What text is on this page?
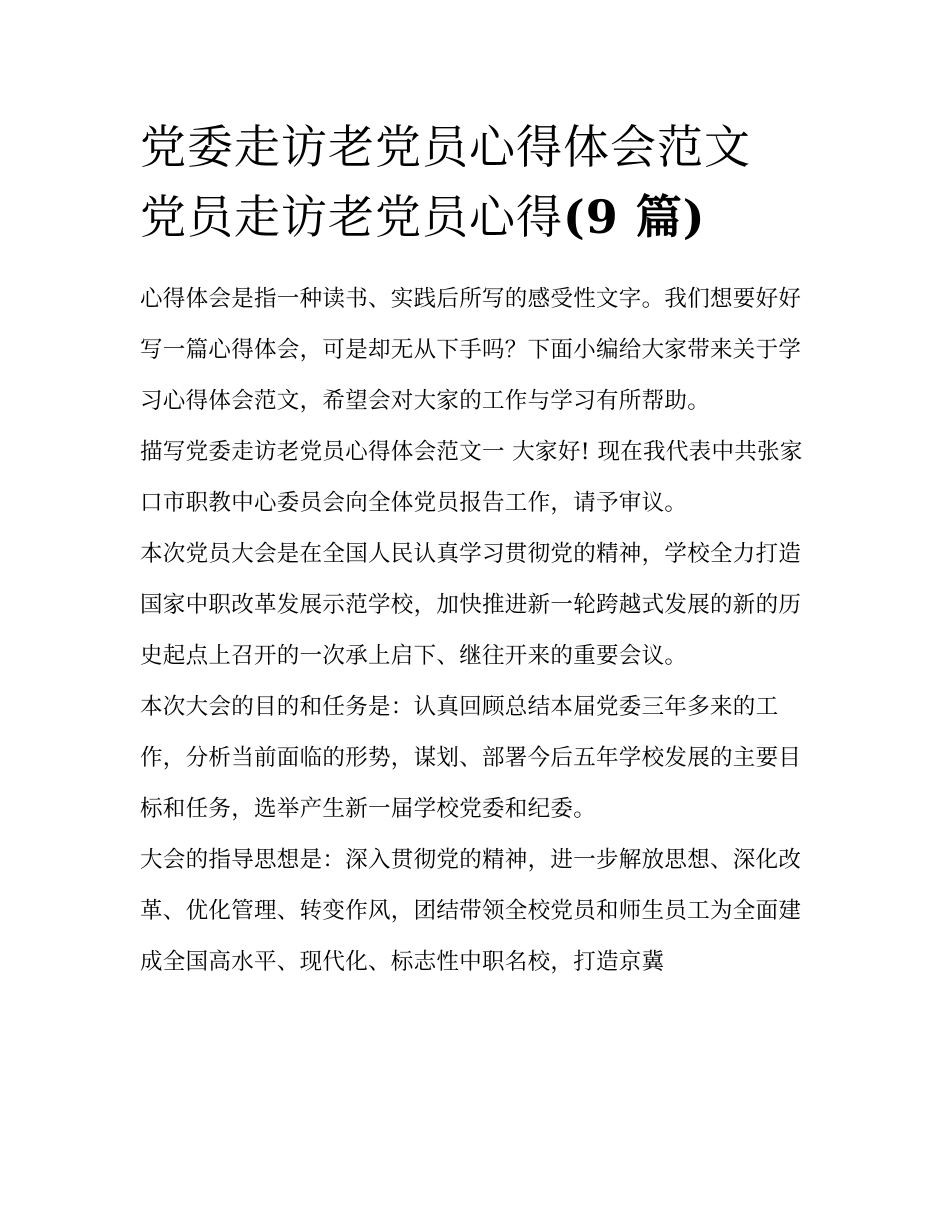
党委走访老党员心得体会范文
党员走访老党员心得(9 篇)

心得体会是指一种读书、实践后所写的感受性文字。我们想要好好写一篇心得体会，可是却无从下手吗？下面小编给大家带来关于学习心得体会范文，希望会对大家的工作与学习有所帮助。

描写党委走访老党员心得体会范文一 大家好! 现在我代表中共张家口市职教中心委员会向全体党员报告工作，请予审议。

本次党员大会是在全国人民认真学习贯彻党的精神，学校全力打造国家中职改革发展示范学校，加快推进新一轮跨越式发展的新的历史起点上召开的一次承上启下、继往开来的重要会议。

本次大会的目的和任务是：认真回顾总结本届党委三年多来的工作，分析当前面临的形势，谋划、部署今后五年学校发展的主要目标和任务，选举产生新一届学校党委和纪委。

大会的指导思想是：深入贯彻党的精神，进一步解放思想、深化改革、优化管理、转变作风，团结带领全校党员和师生员工为全面建成全国高水平、现代化、标志性中职名校，打造京冀
